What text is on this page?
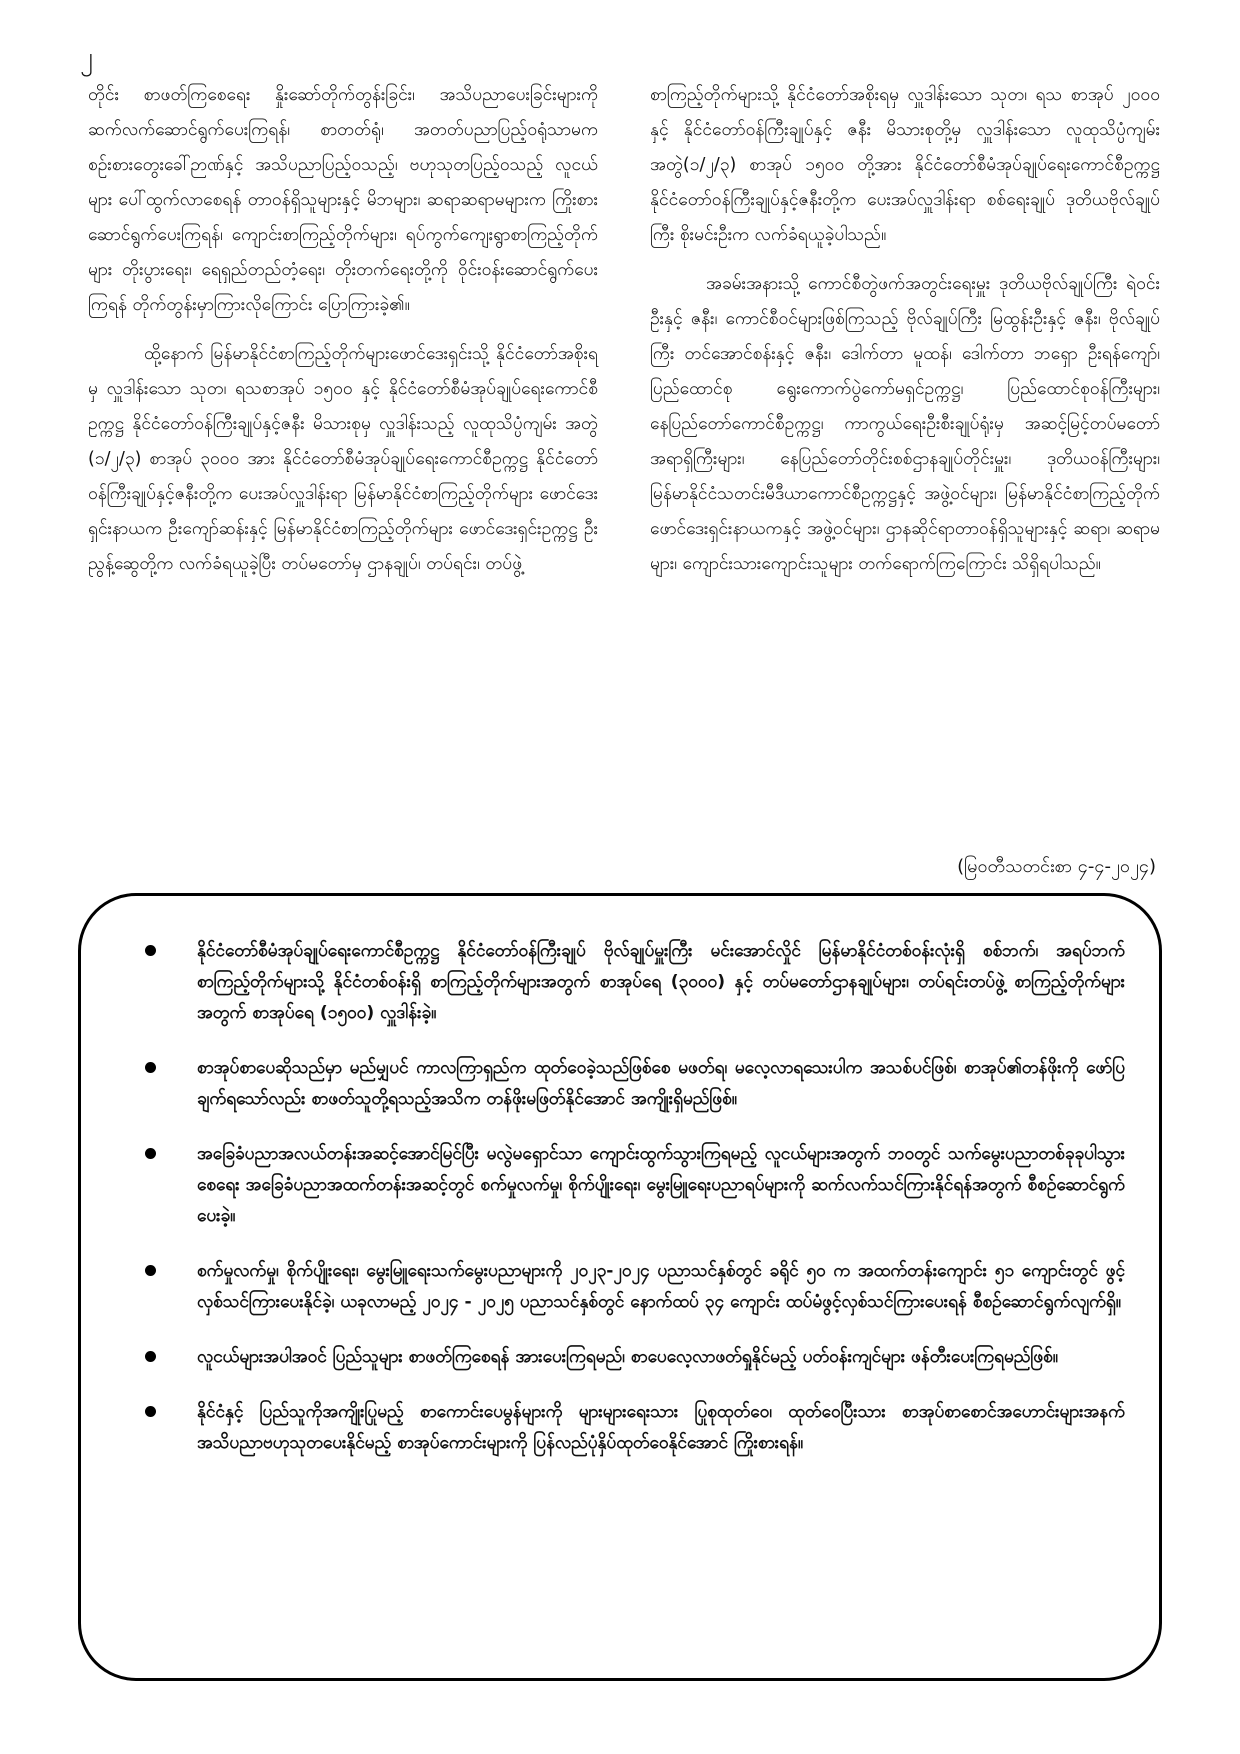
၂

တိုင်း စာဖတ်ကြစေရေး နှိုးဆော်တိုက်တွန်းခြင်း၊ အသိပညာပေးခြင်းများကို ဆက်လက်ဆောင်ရွက်ပေးကြရန်၊ စာတတ်ရုံ၊ အတတ်ပညာပြည့်ဝရုံသာမက စဉ်းစားတွေးခေါ်ဉာဏ်နှင့် အသိပညာပြည့်ဝသည့်၊ ဗဟုသုတပြည့်ဝသည့် လူငယ်များ ပေါ်ထွက်လာစေရန် တာဝန်ရှိသူများနှင့် မိဘများ၊ ဆရာဆရာမများက ကြိုးစားဆောင်ရွက်ပေးကြရန်၊ ကျောင်းစာကြည့်တိုက်များ၊ ရပ်ကွက်ကျေးရွာစာကြည့်တိုက်များ တိုးပွားရေး၊ ရေရှည်တည်တံ့ရေး၊ တိုးတက်ရေးတို့ကို ဝိုင်းဝန်းဆောင်ရွက်ပေးကြရန် တိုက်တွန်းမှာကြားလိုကြောင်း ပြောကြားခဲ့၏။

ထို့နောက် မြန်မာနိုင်ငံစာကြည့်တိုက်များဖောင်ဒေးရှင်းသို့ နိုင်ငံတော်အစိုးရမှ လှူဒါန်းသော သုတ၊ ရသစာအုပ် ၁၅၀၀ နှင့် နိုင်ငံတော်စီမံအုပ်ချုပ်ရေးကောင်စီဥက္ကဋ္ဌ နိုင်ငံတော်ဝန်ကြီးချုပ်နှင့်ဇနီး မိသားစုမှ လှူဒါန်းသည့် လူထုသိပ္ပံကျမ်း အတွဲ (၁/၂/၃) စာအုပ် ၃၀၀၀ အား နိုင်ငံတော်စီမံအုပ်ချုပ်ရေးကောင်စီဥက္ကဋ္ဌ နိုင်ငံတော်ဝန်ကြီးချုပ်နှင့်ဇနီးတို့က ပေးအပ်လှူဒါန်းရာ မြန်မာနိုင်ငံစာကြည့်တိုက်များ ဖောင်ဒေးရှင်းနာယက ဦးကျော်ဆန်းနှင့် မြန်မာနိုင်ငံစာကြည့်တိုက်များ ဖောင်ဒေးရှင်းဥက္ကဋ္ဌ ဦးညွန့်ဆွေတို့က လက်ခံရယူခဲ့ပြီး တပ်မတော်မှ ဌာနချုပ်၊ တပ်ရင်း၊ တပ်ဖွဲ့

စာကြည့်တိုက်များသို့ နိုင်ငံတော်အစိုးရမှ လှူဒါန်းသော သုတ၊ ရသ စာအုပ် ၂၀၀၀ နှင့် နိုင်ငံတော်ဝန်ကြီးချုပ်နှင့် ဇနီး မိသားစုတို့မှ လှူဒါန်းသော လူထုသိပ္ပံကျမ်းအတွဲ(၁/၂/၃) စာအုပ် ၁၅၀၀ တို့အား နိုင်ငံတော်စီမံအုပ်ချုပ်ရေးကောင်စီဥက္ကဋ္ဌ နိုင်ငံတော်ဝန်ကြီးချုပ်နှင့်ဇနီးတို့က ပေးအပ်လှူဒါန်းရာ စစ်ရေးချုပ် ဒုတိယဗိုလ်ချုပ်ကြီး စိုးမင်းဦးက လက်ခံရယူခဲ့ပါသည်။

အခမ်းအနားသို့ ကောင်စီတွဲဖက်အတွင်းရေးမှူး ဒုတိယဗိုလ်ချုပ်ကြီး ရဲဝင်းဦးနှင့် ဇနီး၊ ကောင်စီဝင်များဖြစ်ကြသည့် ဗိုလ်ချုပ်ကြီး မြထွန်းဦးနှင့် ဇနီး၊ ဗိုလ်ချုပ်ကြီး တင်အောင်စန်းနှင့် ဇနီး၊ ဒေါက်တာ မူထန်၊ ဒေါက်တာ ဘရှော ဦးရန်ကျော်၊ ပြည်ထောင်စု ရွေးကောက်ပွဲကော်မရှင်ဥက္ကဋ္ဌ၊ ပြည်ထောင်စုဝန်ကြီးများ၊ နေပြည်တော်ကောင်စီဥက္ကဋ္ဌ၊ ကာကွယ်ရေးဦးစီးချုပ်ရုံးမှ အဆင့်မြင့်တပ်မတော်အရာရှိကြီးများ၊ နေပြည်တော်တိုင်းစစ်ဌာနချုပ်တိုင်းမှူး၊ ဒုတိယဝန်ကြီးများ၊ မြန်မာနိုင်ငံသတင်းမီဒီယာကောင်စီဥက္ကဋ္ဌနှင့် အဖွဲ့ဝင်များ၊ မြန်မာနိုင်ငံစာကြည့်တိုက်ဖောင်ဒေးရှင်းနာယကနှင့် အဖွဲ့ဝင်များ၊ ဌာနဆိုင်ရာတာဝန်ရှိသူများနှင့် ဆရာ၊ ဆရာမများ၊ ကျောင်းသားကျောင်းသူများ တက်ရောက်ကြကြောင်း သိရှိရပါသည်။

(မြဝတီသတင်းစာ ၄-၄-၂၀၂၄)
နိုင်ငံတော်စီမံအုပ်ချုပ်ရေးကောင်စီဥက္ကဋ္ဌ နိုင်ငံတော်ဝန်ကြီးချုပ် ဗိုလ်ချုပ်မှူးကြီး မင်းအောင်လှိုင် မြန်မာနိုင်ငံတစ်ဝန်းလုံးရှိ စစ်ဘက်၊ အရပ်ဘက် စာကြည့်တိုက်များသို့ နိုင်ငံတစ်ဝန်းရှိ စာကြည့်တိုက်များအတွက် စာအုပ်ရေ (၃၀၀၀) နှင့် တပ်မတော်ဌာနချုပ်များ၊ တပ်ရင်းတပ်ဖွဲ့ စာကြည့်တိုက်များအတွက် စာအုပ်ရေ (၁၅၀၀) လှူဒါန်းခဲ့။
စာအုပ်စာပေဆိုသည်မှာ မည်မျှပင် ကာလကြာရှည်က ထုတ်ဝေခဲ့သည်ဖြစ်စေ မဖတ်ရ၊ မလေ့လာရသေးပါက အသစ်ပင်ဖြစ်၊ စာအုပ်၏တန်ဖိုးကို ဖော်ပြချက်ရသော်လည်း စာဖတ်သူတို့ရသည့်အသိက တန်ဖိုးမဖြတ်နိုင်အောင် အကျိုးရှိမည်ဖြစ်။
အခြေခံပညာအလယ်တန်းအဆင့်အောင်မြင်ပြီး မလွဲမရှောင်သာ ကျောင်းထွက်သွားကြရမည့် လူငယ်များအတွက် ဘဝတွင် သက်မွေးပညာတစ်ခုခုပါသွားစေရေး အခြေခံပညာအထက်တန်းအဆင့်တွင် စက်မှုလက်မှု၊ စိုက်ပျိုးရေး၊ မွေးမြူရေးပညာရပ်များကို ဆက်လက်သင်ကြားနိုင်ရန်အတွက် စီစဉ်ဆောင်ရွက်ပေးခဲ့။
စက်မှုလက်မှု၊ စိုက်ပျိုးရေး၊ မွေးမြူရေးသက်မွေးပညာများကို ၂၀၂၃-၂၀၂၄ ပညာသင်နှစ်တွင် ခရိုင် ၅၀ က အထက်တန်းကျောင်း ၅၁ ကျောင်းတွင် ဖွင့်လှစ်သင်ကြားပေးနိုင်ခဲ့၊ ယခုလာမည့် ၂၀၂၄ - ၂၀၂၅ ပညာသင်နှစ်တွင် နောက်ထပ် ၃၄ ကျောင်း ထပ်မံဖွင့်လှစ်သင်ကြားပေးရန် စီစဉ်ဆောင်ရွက်လျက်ရှိ။
လူငယ်များအပါအဝင် ပြည်သူများ စာဖတ်ကြစေရန် အားပေးကြရမည်၊ စာပေလေ့လာဖတ်ရှုနိုင်မည့် ပတ်ဝန်းကျင်များ ဖန်တီးပေးကြရမည်ဖြစ်။
နိုင်ငံနှင့် ပြည်သူကိုအကျိုးပြုမည့် စာကောင်းပေမွန်များကို များများရေးသား ပြုစုထုတ်ဝေ၊ ထုတ်ဝေပြီးသား စာအုပ်စာစောင်အဟောင်းများအနက် အသိပညာဗဟုသုတပေးနိုင်မည့် စာအုပ်ကောင်းများကို ပြန်လည်ပုံနှိပ်ထုတ်ဝေနိုင်အောင် ကြိုးစားရန်။
